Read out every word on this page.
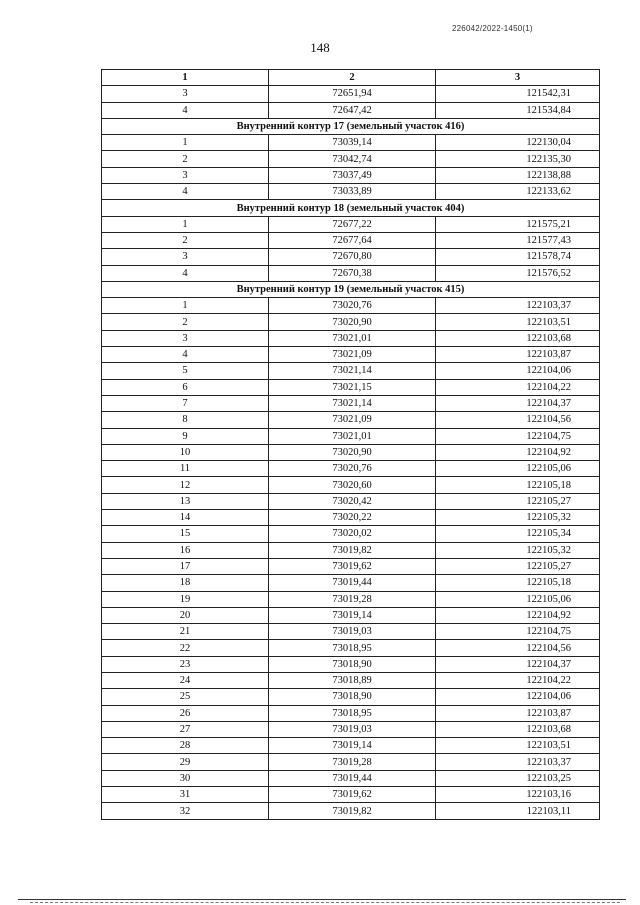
226042/2022-1450(1)
148
1	2	3
3	72651,94	121542,31
4	72647,42	121534,84
Внутренний контур 17 (земельный участок 416)		
1	73039,14	122130,04
2	73042,74	122135,30
3	73037,49	122138,88
4	73033,89	122133,62
Внутренний контур 18 (земельный участок 404)		
1	72677,22	121575,21
2	72677,64	121577,43
3	72670,80	121578,74
4	72670,38	121576,52
Внутренний контур 19 (земельный участок 415)		
1	73020,76	122103,37
2	73020,90	122103,51
3	73021,01	122103,68
4	73021,09	122103,87
5	73021,14	122104,06
6	73021,15	122104,22
7	73021,14	122104,37
8	73021,09	122104,56
9	73021,01	122104,75
10	73020,90	122104,92
11	73020,76	122105,06
12	73020,60	122105,18
13	73020,42	122105,27
14	73020,22	122105,32
15	73020,02	122105,34
16	73019,82	122105,32
17	73019,62	122105,27
18	73019,44	122105,18
19	73019,28	122105,06
20	73019,14	122104,92
21	73019,03	122104,75
22	73018,95	122104,56
23	73018,90	122104,37
24	73018,89	122104,22
25	73018,90	122104,06
26	73018,95	122103,87
27	73019,03	122103,68
28	73019,14	122103,51
29	73019,28	122103,37
30	73019,44	122103,25
31	73019,62	122103,16
32	73019,82	122103,11
